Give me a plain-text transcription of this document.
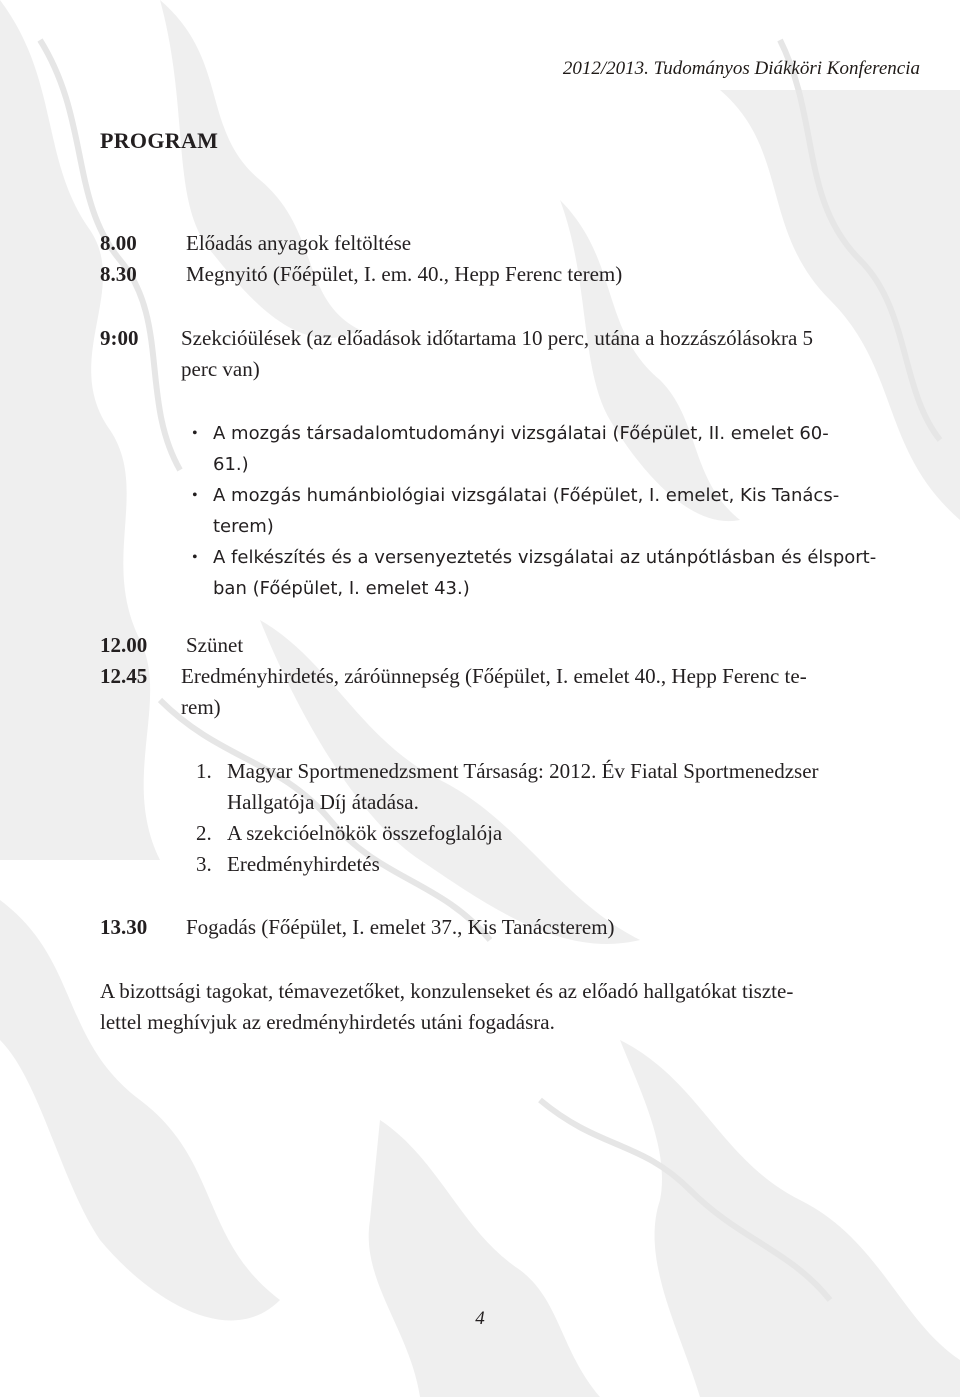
2012/2013. Tudományos Diákköri Konferencia
PROGRAM
8.00 Előadás anyagok feltöltése
8.30 Megnyitó (Főépület, I. em. 40., Hepp Ferenc terem)
9:00 Szekcióülések (az előadások időtartama 10 perc, utána a hozzászólásokra 5
perc van)
• A mozgás társadalomtudományi vizsgálatai (Főépület, II. emelet 60-
61.)
• A mozgás humánbiológiai vizsgálatai (Főépület, I. emelet, Kis Tanács-
terem)
• A felkészítés és a versenyeztetés vizsgálatai az utánpótlásban és élsport-
ban (Főépület, I. emelet 43.)
12.00 Szünet
12.45 Eredményhirdetés, záróünnepség (Főépület, I. emelet 40., Hepp Ferenc te-
rem)
1. Magyar Sportmenedzsment Társaság: 2012. Év Fiatal Sportmenedzser
Hallgatója Díj átadása.
2. A szekcióelnökök összefoglalója
3. Eredményhirdetés
13.30 Fogadás (Főépület, I. emelet 37., Kis Tanácsterem)
A bizottsági tagokat, témavezetőket, konzulenseket és az előadó hallgatókat tiszte-
lettel meghívjuk az eredményhirdetés utáni fogadásra.
4
